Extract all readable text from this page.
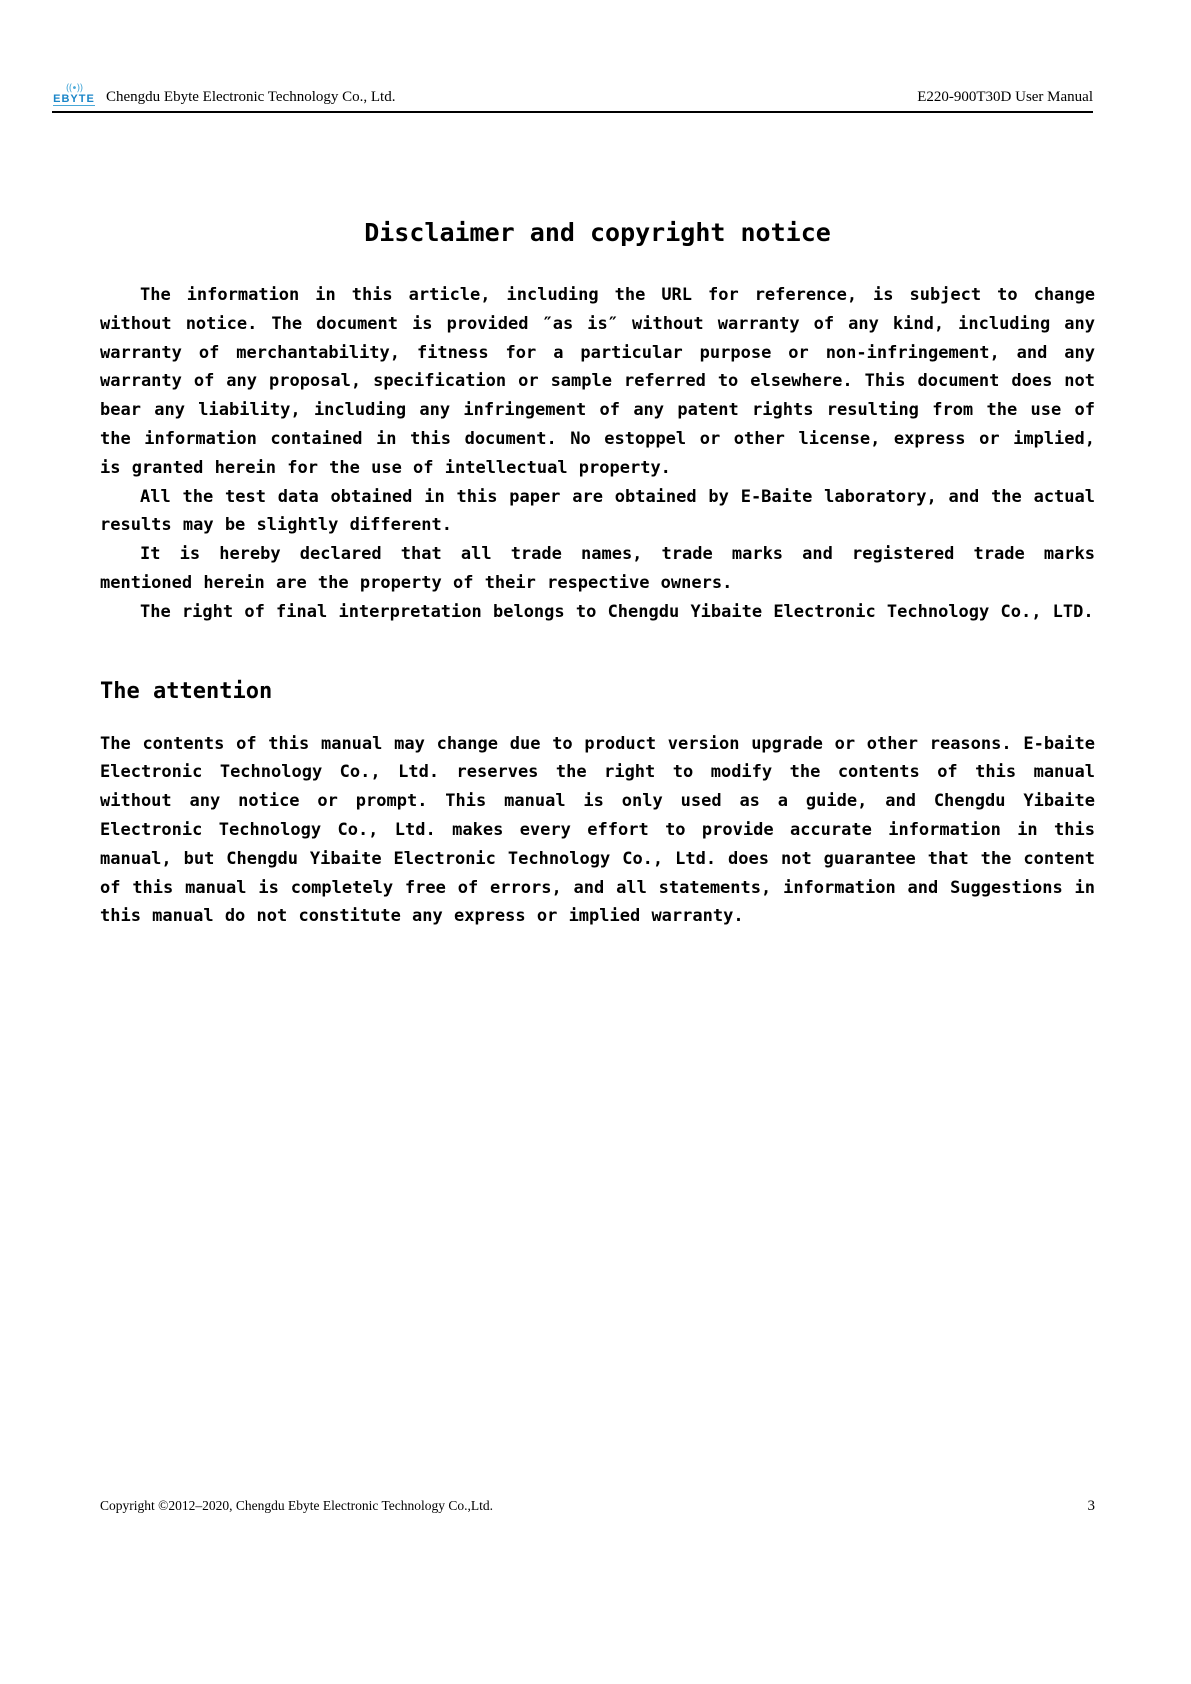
((•))
EBYTE Chengdu Ebyte Electronic Technology Co., Ltd.	E220-900T30D User Manual
Disclaimer and copyright notice

The information in this article, including the URL for reference, is subject to change without notice. The document is provided ″as is″ without warranty of any kind, including any warranty of merchantability, fitness for a particular purpose or non-infringement, and any warranty of any proposal, specification or sample referred to elsewhere. This document does not bear any liability, including any infringement of any patent rights resulting from the use of the information contained in this document. No estoppel or other license, express or implied, is granted herein for the use of intellectual property.

All the test data obtained in this paper are obtained by E-Baite laboratory, and the actual results may be slightly different.

It is hereby declared that all trade names, trade marks and registered trade marks mentioned herein are the property of their respective owners.

The right of final interpretation belongs to Chengdu Yibaite Electronic Technology Co., LTD.

The attention

The contents of this manual may change due to product version upgrade or other reasons. E-baite Electronic Technology Co., Ltd. reserves the right to modify the contents of this manual without any notice or prompt. This manual is only used as a guide, and Chengdu Yibaite Electronic Technology Co., Ltd. makes every effort to provide accurate information in this manual, but Chengdu Yibaite Electronic Technology Co., Ltd. does not guarantee that the content of this manual is completely free of errors, and all statements, information and Suggestions in this manual do not constitute any express or implied warranty.

Copyright ©2012–2020, Chengdu Ebyte Electronic Technology Co.,Ltd.	3
